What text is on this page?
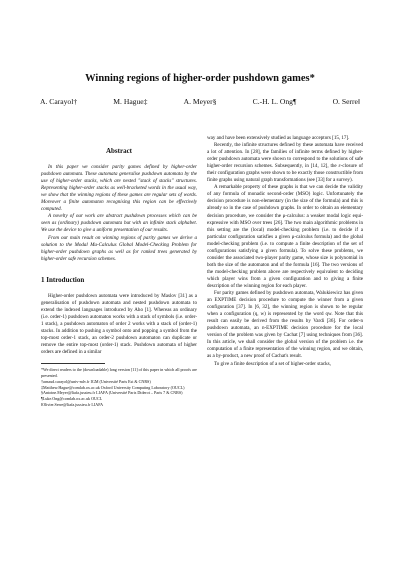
Winning regions of higher-order pushdown games*
A. Carayol†	M. Hague‡	A. Meyer§	C.-H. L. Ong¶	O. Serre‖
Abstract

In this paper we consider parity games defined by higher-order pushdown automata. These automata generalise pushdown automata by the use of higher-order stacks, which are nested "stack of stacks" structures. Representing higher-order stacks as well-bracketed words in the usual way, we show that the winning regions of these games are regular sets of words. Moreover a finite automaton recognising this region can be effectively computed.

A novelty of our work are abstract pushdown processes which can be seen as (ordinary) pushdown automata but with an infinite stack alphabet. We use the device to give a uniform presentation of our results.

From our main result on winning regions of parity games we derive a solution to the Modal Mu-Calculus Global Model-Checking Problem for higher-order pushdown graphs as well as for ranked trees generated by higher-order safe recursion schemes.

1 Introduction

Higher-order pushdown automata were introduced by Maslov [31] as a generalisation of pushdown automata and nested pushdown automata to extend the indexed languages introduced by Aho [1]. Whereas an ordinary (i.e. order-1) pushdown automaton works with a stack of symbols (i.e. order-1 stack), a pushdown automaton of order 2 works with a stack of (order-1) stacks. In addition to pushing a symbol onto and popping a symbol from the top-most order-1 stack, an order-2 pushdown automaton can duplicate or remove the entire top-most (order-1) stack. Pushdown automata of higher orders are defined in a similar

*We direct readers to the (downloadable) long version [11] of this paper in which all proofs are presented.
†arnaud.carayol@univ-mlv.fr IGM (Université Paris Est & CNRS)
‡Matthew.Hague@comlab.ox.ac.uk Oxford University Computing Laboratory (OUCL)
§Antoine.Meyer@liafa.jussieu.fr LIAFA (Université Paris Diderot – Paris 7 & CNRS)
¶Luke.Ong@comlab.ox.ac.uk OUCL
‖Olivier.Serre@liafa.jussieu.fr LIAFA

way and have been extensively studied as language acceptors [15, 17].

Recently, the infinite structures defined by these automata have received a lot of attention. In [28], the families of infinite terms defined by higher-order pushdown automata were shown to correspond to the solutions of safe higher-order recursion schemes. Subsequently, in [14, 12], the ε-closure of their configuration graphs were shown to be exactly those constructible from finite graphs using natural graph transformations (see [33] for a survey).

A remarkable property of these graphs is that we can decide the validity of any formula of monadic second-order (MSO) logic. Unfortunately the decision procedure is non-elementary (in the size of the formula) and this is already so in the case of pushdown graphs. In order to obtain an elementary decision procedure, we consider the μ-calculus: a weaker modal logic equi-expressive with MSO over trees [26]. The two main algorithmic problems in this setting are the (local) model-checking problem (i.e. to decide if a particular configuration satisfies a given μ-calculus formula) and the global model-checking problem (i.e. to compute a finite description of the set of configurations satisfying a given formula). To solve these problems, we consider the associated two-player parity game, whose size is polynomial in both the size of the automaton and of the formula [16]. The two versions of the model-checking problem above are respectively equivalent to deciding which player wins from a given configuration and to giving a finite description of the winning region for each player.

For parity games defined by pushdown automata, Walukiewicz has given an EXPTIME decision procedure to compute the winner from a given configuration [37]. In [6, 32], the winning region is shown to be regular when a configuration (q, w) is represented by the word qw. Note that this result can easily be derived from the results by Vardi [36]. For order-n pushdown automata, an n-EXPTIME decision procedure for the local version of the problem was given by Cachat [7] using techniques from [36]. In this article, we shall consider the global version of the problem i.e. the computation of a finite representation of the winning region, and we obtain, as a by-product, a new proof of Cachat's result.

To give a finite description of a set of higher-order stacks,
